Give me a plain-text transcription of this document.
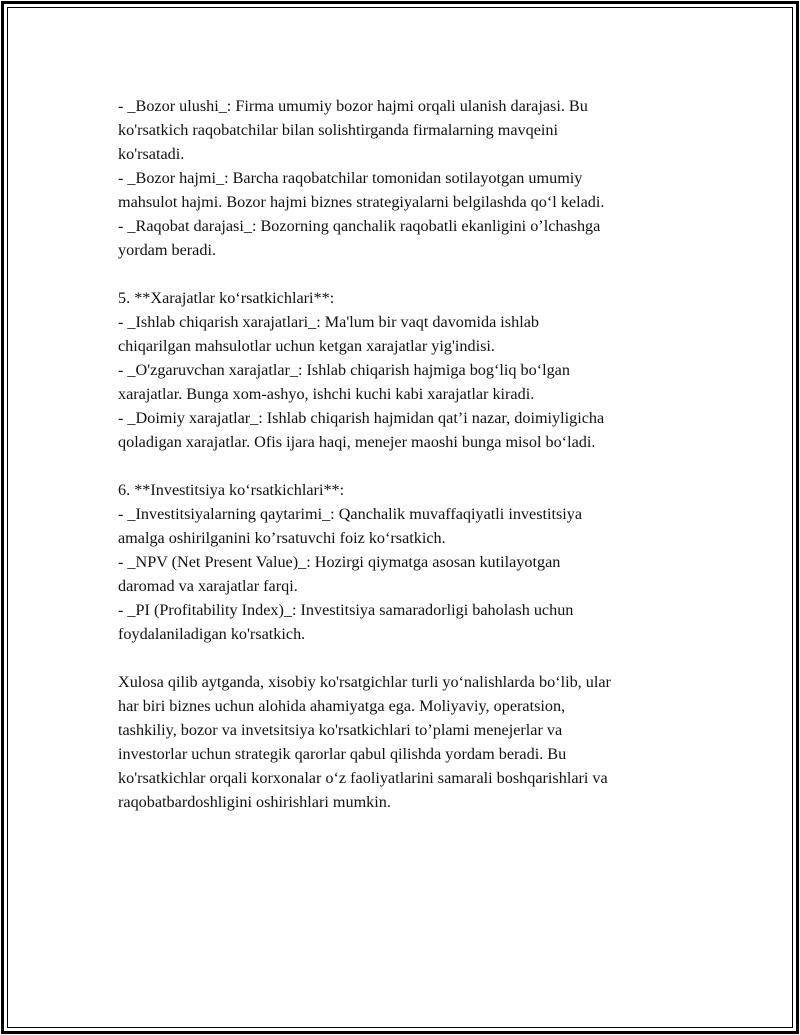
- _Bozor ulushi_: Firma umumiy bozor hajmi orqali ulanish darajasi. Bu
ko'rsatkich raqobatchilar bilan solishtirganda firmalarning mavqeini
ko'rsatadi.
- _Bozor hajmi_: Barcha raqobatchilar tomonidan sotilayotgan umumiy
mahsulot hajmi. Bozor hajmi biznes strategiyalarni belgilashda qo‘l keladi.
- _Raqobat darajasi_: Bozorning qanchalik raqobatli ekanligini o’lchashga
yordam beradi.
5. **Xarajatlar ko‘rsatkichlari**:
- _Ishlab chiqarish xarajatlari_: Ma'lum bir vaqt davomida ishlab
chiqarilgan mahsulotlar uchun ketgan xarajatlar yig'indisi.
- _O'zgaruvchan xarajatlar_: Ishlab chiqarish hajmiga bog‘liq bo‘lgan
xarajatlar. Bunga xom-ashyo, ishchi kuchi kabi xarajatlar kiradi.
- _Doimiy xarajatlar_: Ishlab chiqarish hajmidan qat’i nazar, doimiyligicha
qoladigan xarajatlar. Ofis ijara haqi, menejer maoshi bunga misol bo‘ladi.
6. **Investitsiya ko‘rsatkichlari**:
- _Investitsiyalarning qaytarimi_: Qanchalik muvaffaqiyatli investitsiya
amalga oshirilganini ko’rsatuvchi foiz ko‘rsatkich.
- _NPV (Net Present Value)_: Hozirgi qiymatga asosan kutilayotgan
daromad va xarajatlar farqi.
- _PI (Profitability Index)_: Investitsiya samaradorligi baholash uchun
foydalaniladigan ko'rsatkich.
Xulosa qilib aytganda, xisobiy ko'rsatgichlar turli yo‘nalishlarda bo‘lib, ular
har biri biznes uchun alohida ahamiyatga ega. Moliyaviy, operatsion,
tashkiliy, bozor va invetsitsiya ko'rsatkichlari to’plami menejerlar va
investorlar uchun strategik qarorlar qabul qilishda yordam beradi. Bu
ko'rsatkichlar orqali korxonalar o‘z faoliyatlarini samarali boshqarishlari va
raqobatbardoshligini oshirishlari mumkin.
